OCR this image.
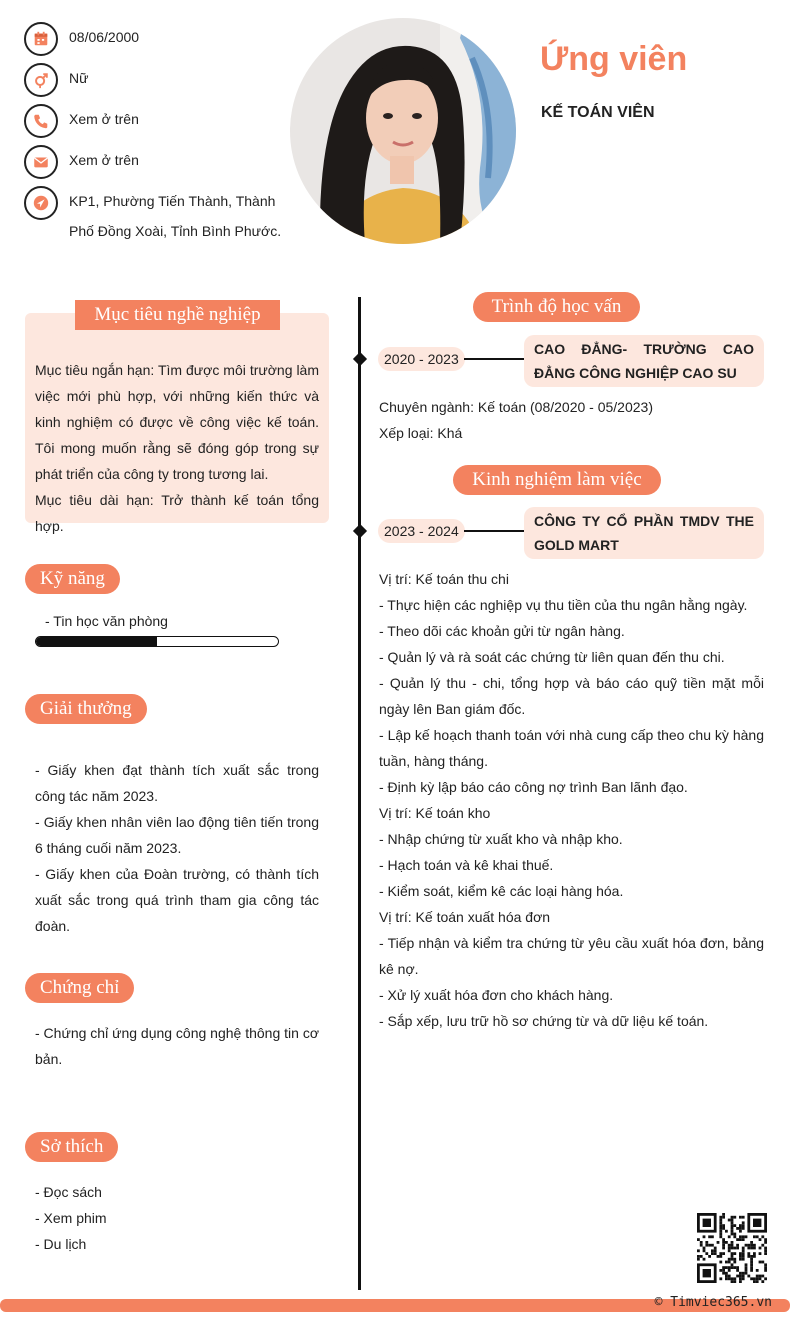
08/06/2000
Nữ
Xem ở trên
Xem ở trên
KP1, Phường Tiến Thành, Thành
Phố Đồng Xoài, Tỉnh Bình Phước.
Ứng viên
KẾ TOÁN VIÊN
Mục tiêu nghề nghiệp
Mục tiêu ngắn hạn: Tìm được môi trường làm việc mới phù hợp, với những kiến thức và kinh nghiệm có được về công việc kế toán. Tôi mong muốn rằng sẽ đóng góp trong sự phát triển của công ty trong tương lai.
Mục tiêu dài hạn: Trở thành kế toán tổng hợp.
Kỹ năng
- Tin học văn phòng
Giải thưởng
- Giấy khen đạt thành tích xuất sắc trong công tác năm 2023.
- Giấy khen nhân viên lao động tiên tiến trong 6 tháng cuối năm 2023.
- Giấy khen của Đoàn trường, có thành tích xuất sắc trong quá trình tham gia công tác đoàn.
Chứng chỉ
- Chứng chỉ ứng dụng công nghệ thông tin cơ bản.
Sở thích
- Đọc sách
- Xem phim
- Du lịch
Trình độ học vấn
2020 - 2023
CAO ĐẲNG- TRƯỜNG CAO ĐẲNG CÔNG NGHIỆP CAO SU
Chuyên ngành: Kế toán (08/2020 - 05/2023)
Xếp loại: Khá
Kinh nghiệm làm việc
2023 - 2024
CÔNG TY CỔ PHẦN TMDV THE GOLD MART
Vị trí: Kế toán thu chi
- Thực hiện các nghiệp vụ thu tiền của thu ngân hằng ngày.
- Theo dõi các khoản gửi từ ngân hàng.
- Quản lý và rà soát các chứng từ liên quan đến thu chi.
- Quản lý thu - chi, tổng hợp và báo cáo quỹ tiền mặt mỗi ngày lên Ban giám đốc.
- Lập kế hoạch thanh toán với nhà cung cấp theo chu kỳ hàng tuần, hàng tháng.
- Định kỳ lập báo cáo công nợ trình Ban lãnh đạo.
Vị trí: Kế toán kho
- Nhập chứng từ xuất kho và nhập kho.
- Hạch toán và kê khai thuế.
- Kiểm soát, kiểm kê các loại hàng hóa.
Vị trí: Kế toán xuất hóa đơn
- Tiếp nhận và kiểm tra chứng từ yêu cầu xuất hóa đơn, bảng kê nợ.
- Xử lý xuất hóa đơn cho khách hàng.
- Sắp xếp, lưu trữ hồ sơ chứng từ và dữ liệu kế toán.
© Timviec365.vn
